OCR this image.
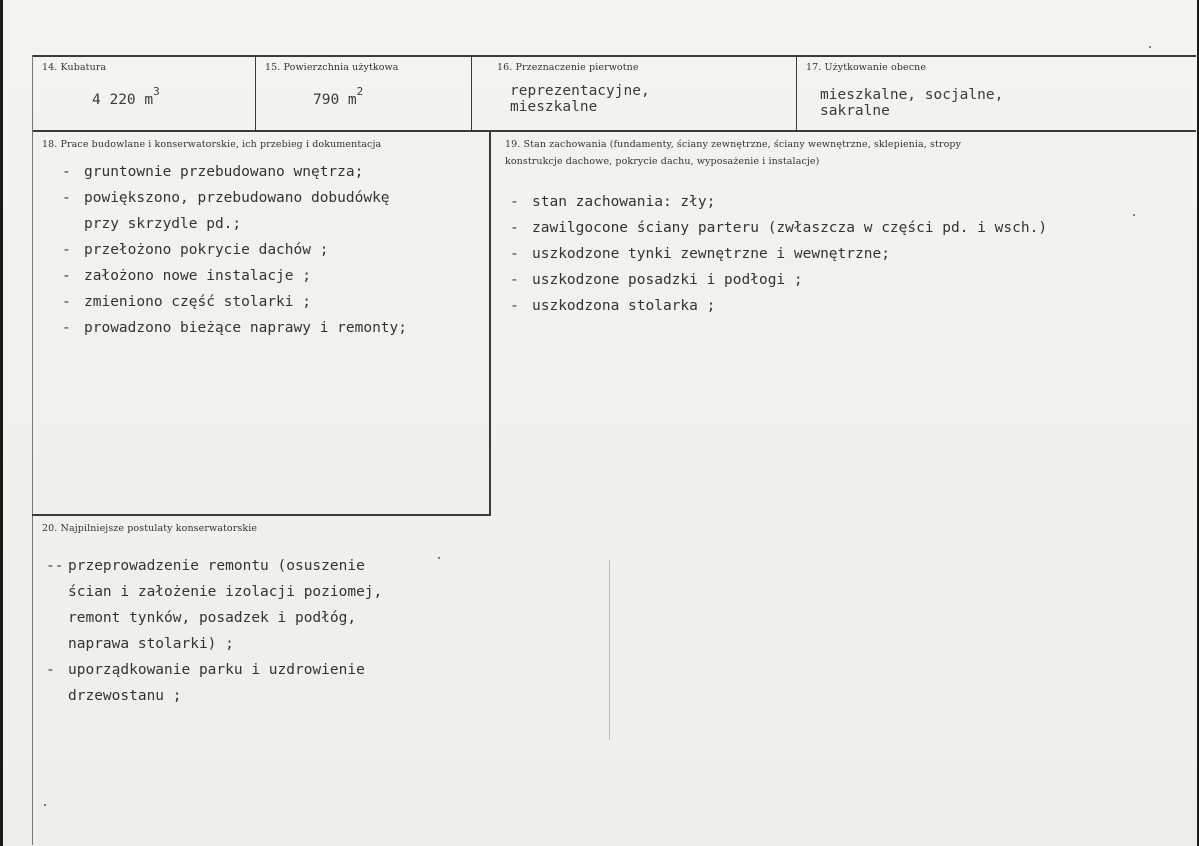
14. Kubatura
4 220 $m^3$
15. Powierzchnia użytkowa
790 $m^2$
16. Przeznaczenie pierwotne
reprezentacyjne,
mieszkalne
17. Użytkowanie obecne
mieszkalne, socjalne,
sakralne
18. Prace budowlane i konserwatorskie, ich przebieg i dokumentacja
- gruntownie przebudowano wnętrza;
- powiększono, przebudowano dobudówkę
przy skrzydle pd.;
- przełożono pokrycie dachów ;
- założono nowe instalacje ;
- zmieniono część stolarki ;
- prowadzono bieżące naprawy i remonty;
19. Stan zachowania (fundamenty, ściany zewnętrzne, ściany wewnętrzne, sklepienia, stropy
konstrukcje dachowe, pokrycie dachu, wyposażenie i instalacje)
- stan zachowania: zły;
- zawilgocone ściany parteru (zwłaszcza w części pd. i wsch.)
- uszkodzone tynki zewnętrzne i wewnętrzne;
- uszkodzone posadzki i podłogi ;
- uszkodzona stolarka ;
20. Najpilniejsze postulaty konserwatorskie
-- przeprowadzenie remontu (osuszenie
ścian i założenie izolacji poziomej,
remont tynków, posadzek i podłóg,
naprawa stolarki) ;
- uporządkowanie parku i uzdrowienie
drzewostanu ;
